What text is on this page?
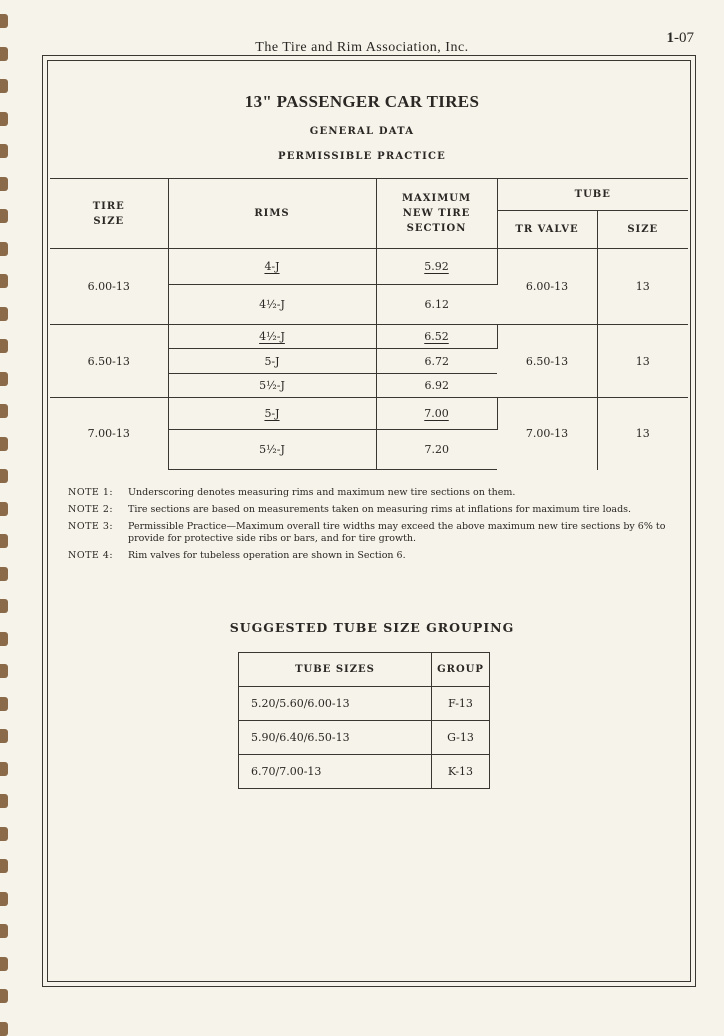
The Tire and Rim Association, Inc.
1-07
13" PASSENGER CAR TIRES
GENERAL DATA
PERMISSIBLE PRACTICE
TIRE SIZE	RIMS	MAXIMUM NEW TIRE SECTION	TUBE	
			TR VALVE	SIZE
6.00-13	4-J	5.92	6.00-13	13
	4½-J	6.12		
6.50-13	4½-J	6.52	6.50-13	13
	5-J	6.72		
	5½-J	6.92		
7.00-13	5-J	7.00	7.00-13	13
	5½-J	7.20		
NOTE 1:	Underscoring denotes measuring rims and maximum new tire sections on them.
NOTE 2:	Tire sections are based on measurements taken on measuring rims at inflations for maximum tire loads.
NOTE 3:	Permissible Practice—Maximum overall tire widths may exceed the above maximum new tire sections by 6% to provide for protective side ribs or bars, and for tire growth.
NOTE 4:	Rim valves for tubeless operation are shown in Section 6.
SUGGESTED TUBE SIZE GROUPING
TUBE SIZES	GROUP
5.20/5.60/6.00-13	F-13
5.90/6.40/6.50-13	G-13
6.70/7.00-13	K-13
